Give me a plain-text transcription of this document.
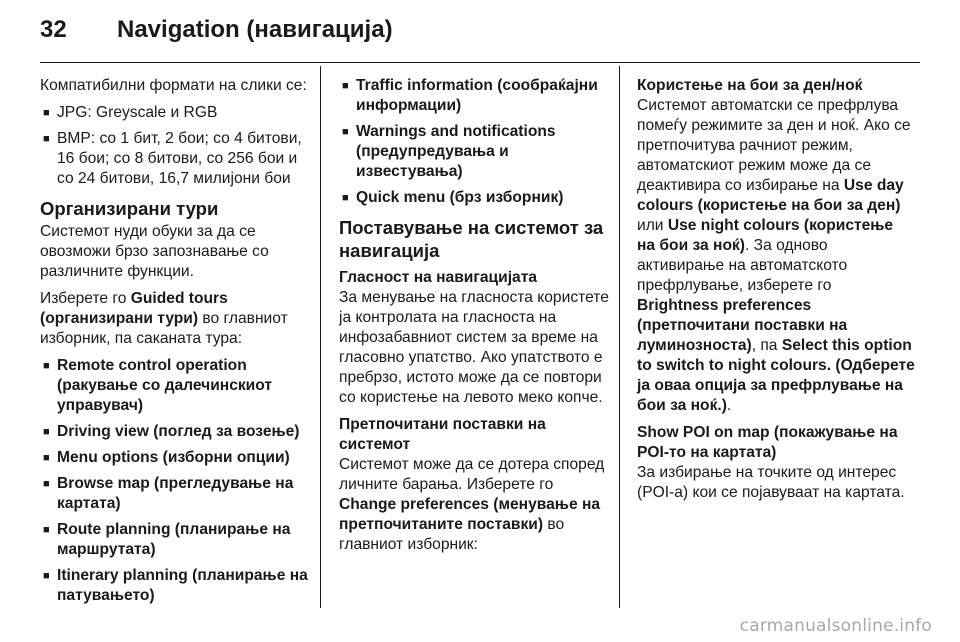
32 Navigation (навигација)

Компатибилни формати на слики се:

■ JPG: Greyscale и RGB
■ BMP: со 1 бит, 2 бои; со 4 битови, 16 бои; со 8 битови, со 256 бои и со 24 битови, 16,7 милијони бои
Организирани тури

Системот нуди обуки за да се овозможи брзо запознавање со различните функции.

Изберете го Guided tours (организирани тури) во главниот изборник, па саканата тура:

■ Remote control operation (ракување со далечинскиот управувач)
■ Driving view (поглед за возење)
■ Menu options (изборни опции)
■ Browse map (прегледување на картата)
■ Route planning (планирање на маршрутата)
■ Itinerary planning (планирање на патувањето)
■ Traffic information (сообраќајни информации)
■ Warnings and notifications (предупредувања и известувања)
■ Quick menu (брз изборник)
Поставување на системот за навигација
Гласност на навигацијата

За менување на гласноста користете ја контролата на гласноста на инфозабавниот систем за време на гласовно упатство. Ако упатството е пребрзо, истото може да се повтори со користење на левото меко копче.

Претпочитани поставки на системот

Системот може да се дотера според личните барања. Изберете го Change preferences (менување на претпочитаните поставки) во главниот изборник:

Користење на бои за ден/ноќ

Системот автоматски се префрлува помеѓу режимите за ден и ноќ. Ако се претпочитува рачниот режим, автоматскиот режим може да се деактивира со избирање на Use day colours (користење на бои за ден) или Use night colours (користење на бои за ноќ). За одново активирање на автоматското префрлување, изберете го Brightness preferences (претпочитани поставки на луминозноста), па Select this option to switch to night colours. (Одберете ја оваа опција за префрлување на бои за ноќ.).

Show POI on map (покажување на POI-то на картата)

За избирање на точките од интерес (POI-а) кои се појавуваат на картата.

carmanualsonline.info
